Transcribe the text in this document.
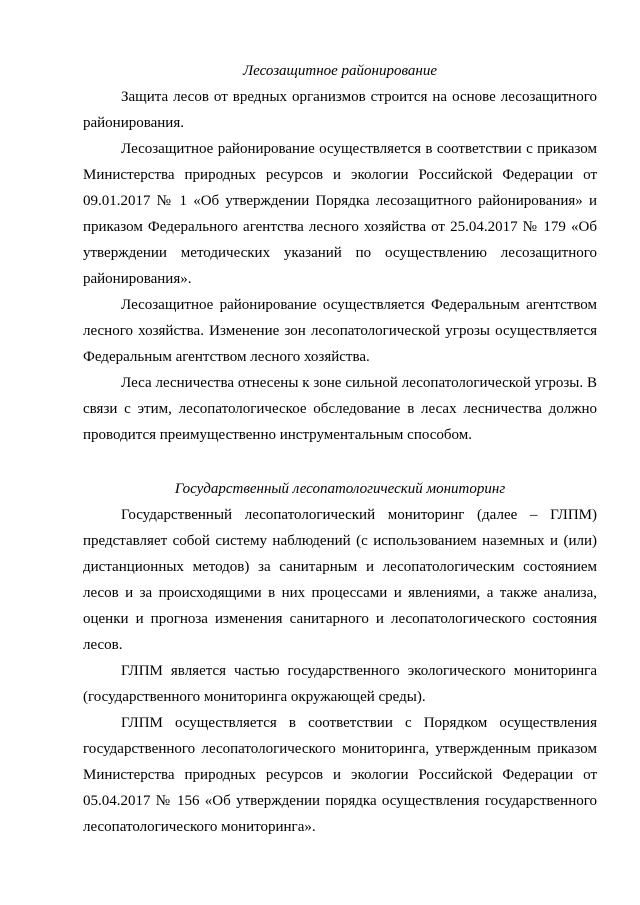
Лесозащитное районирование

Защита лесов от вредных организмов строится на основе лесозащитного районирования.

Лесозащитное районирование осуществляется в соответствии с приказом Министерства природных ресурсов и экологии Российской Федерации от 09.01.2017 № 1 «Об утверждении Порядка лесозащитного районирования» и приказом Федерального агентства лесного хозяйства от 25.04.2017 № 179 «Об утверждении методических указаний по осуществлению лесозащитного районирования».

Лесозащитное районирование осуществляется Федеральным агентством лесного хозяйства. Изменение зон лесопатологической угрозы осуществляется Федеральным агентством лесного хозяйства.

Леса лесничества отнесены к зоне сильной лесопатологической угрозы. В связи с этим, лесопатологическое обследование в лесах лесничества должно проводится преимущественно инструментальным способом.

Государственный лесопатологический мониторинг

Государственный лесопатологический мониторинг (далее – ГЛПМ) представляет собой систему наблюдений (с использованием наземных и (или) дистанционных методов) за санитарным и лесопатологическим состоянием лесов и за происходящими в них процессами и явлениями, а также анализа, оценки и прогноза изменения санитарного и лесопатологического состояния лесов.

ГЛПМ является частью государственного экологического мониторинга (государственного мониторинга окружающей среды).

ГЛПМ осуществляется в соответствии с Порядком осуществления государственного лесопатологического мониторинга, утвержденным приказом Министерства природных ресурсов и экологии Российской Федерации от 05.04.2017 № 156 «Об утверждении порядка осуществления государственного лесопатологического мониторинга».
